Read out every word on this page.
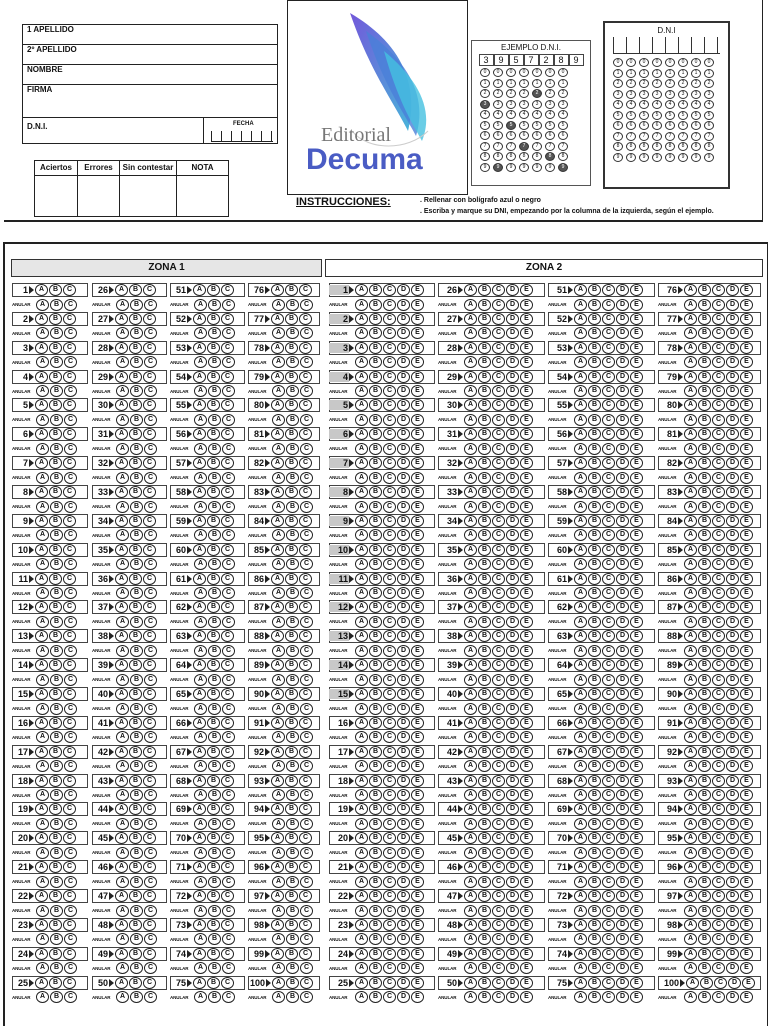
1 APELLIDO
2º APELLIDO
NOMBRE
FIRMA
D.N.I.	FECHA
Aciertos	Errores	Sin contestar	NOTA
Editorial
Decuma
INSTRUCCIONES:	. Rellenar con bolígrafo azul o negro
. Escriba y marque su DNI, empezando por la columna de la izquierda, según el ejemplo.
EJEMPLO D.N.I.
3	9	5	7	2	8	9
0	0	0	0	0	0	0
1	1	1	1	1	1	1
2	2	2	2	2	2	2
3	3	3	3	3	3	3
4	4	4	4	4	4	4
5	5	5	5	5	5	5
6	6	6	6	6	6	6
7	7	7	7	7	7	7
8	8	8	8	8	8	8
9	9	9	9	9	9	9
D.N.I
0	0	0	0	0	0	0	0
1	1	1	1	1	1	1	1
2	2	2	2	2	2	2	2
3	3	3	3	3	3	3	3
4	4	4	4	4	4	4	4
5	5	5	5	5	5	5	5
6	6	6	6	6	6	6	6
7	7	7	7	7	7	7	7
8	8	8	8	8	8	8	8
9	9	9	9	9	9	9	9
ZONA 1	ZONA 2
1	A	B	C
ANULAR	A	B	C
2	A	B	C
ANULAR	A	B	C
3	A	B	C
ANULAR	A	B	C
4	A	B	C
ANULAR	A	B	C
5	A	B	C
ANULAR	A	B	C
6	A	B	C
ANULAR	A	B	C
7	A	B	C
ANULAR	A	B	C
8	A	B	C
ANULAR	A	B	C
9	A	B	C
ANULAR	A	B	C
10	A	B	C
ANULAR	A	B	C
11	A	B	C
ANULAR	A	B	C
12	A	B	C
ANULAR	A	B	C
13	A	B	C
ANULAR	A	B	C
14	A	B	C
ANULAR	A	B	C
15	A	B	C
ANULAR	A	B	C
16	A	B	C
ANULAR	A	B	C
17	A	B	C
ANULAR	A	B	C
18	A	B	C
ANULAR	A	B	C
19	A	B	C
ANULAR	A	B	C
20	A	B	C
ANULAR	A	B	C
21	A	B	C
ANULAR	A	B	C
22	A	B	C
ANULAR	A	B	C
23	A	B	C
ANULAR	A	B	C
24	A	B	C
ANULAR	A	B	C
25	A	B	C
ANULAR	A	B	C
26	A	B	C
ANULAR	A	B	C
27	A	B	C
ANULAR	A	B	C
28	A	B	C
ANULAR	A	B	C
29	A	B	C
ANULAR	A	B	C
30	A	B	C
ANULAR	A	B	C
31	A	B	C
ANULAR	A	B	C
32	A	B	C
ANULAR	A	B	C
33	A	B	C
ANULAR	A	B	C
34	A	B	C
ANULAR	A	B	C
35	A	B	C
ANULAR	A	B	C
36	A	B	C
ANULAR	A	B	C
37	A	B	C
ANULAR	A	B	C
38	A	B	C
ANULAR	A	B	C
39	A	B	C
ANULAR	A	B	C
40	A	B	C
ANULAR	A	B	C
41	A	B	C
ANULAR	A	B	C
42	A	B	C
ANULAR	A	B	C
43	A	B	C
ANULAR	A	B	C
44	A	B	C
ANULAR	A	B	C
45	A	B	C
ANULAR	A	B	C
46	A	B	C
ANULAR	A	B	C
47	A	B	C
ANULAR	A	B	C
48	A	B	C
ANULAR	A	B	C
49	A	B	C
ANULAR	A	B	C
50	A	B	C
ANULAR	A	B	C
51	A	B	C
ANULAR	A	B	C
52	A	B	C
ANULAR	A	B	C
53	A	B	C
ANULAR	A	B	C
54	A	B	C
ANULAR	A	B	C
55	A	B	C
ANULAR	A	B	C
56	A	B	C
ANULAR	A	B	C
57	A	B	C
ANULAR	A	B	C
58	A	B	C
ANULAR	A	B	C
59	A	B	C
ANULAR	A	B	C
60	A	B	C
ANULAR	A	B	C
61	A	B	C
ANULAR	A	B	C
62	A	B	C
ANULAR	A	B	C
63	A	B	C
ANULAR	A	B	C
64	A	B	C
ANULAR	A	B	C
65	A	B	C
ANULAR	A	B	C
66	A	B	C
ANULAR	A	B	C
67	A	B	C
ANULAR	A	B	C
68	A	B	C
ANULAR	A	B	C
69	A	B	C
ANULAR	A	B	C
70	A	B	C
ANULAR	A	B	C
71	A	B	C
ANULAR	A	B	C
72	A	B	C
ANULAR	A	B	C
73	A	B	C
ANULAR	A	B	C
74	A	B	C
ANULAR	A	B	C
75	A	B	C
ANULAR	A	B	C
76	A	B	C
ANULAR	A	B	C
77	A	B	C
ANULAR	A	B	C
78	A	B	C
ANULAR	A	B	C
79	A	B	C
ANULAR	A	B	C
80	A	B	C
ANULAR	A	B	C
81	A	B	C
ANULAR	A	B	C
82	A	B	C
ANULAR	A	B	C
83	A	B	C
ANULAR	A	B	C
84	A	B	C
ANULAR	A	B	C
85	A	B	C
ANULAR	A	B	C
86	A	B	C
ANULAR	A	B	C
87	A	B	C
ANULAR	A	B	C
88	A	B	C
ANULAR	A	B	C
89	A	B	C
ANULAR	A	B	C
90	A	B	C
ANULAR	A	B	C
91	A	B	C
ANULAR	A	B	C
92	A	B	C
ANULAR	A	B	C
93	A	B	C
ANULAR	A	B	C
94	A	B	C
ANULAR	A	B	C
95	A	B	C
ANULAR	A	B	C
96	A	B	C
ANULAR	A	B	C
97	A	B	C
ANULAR	A	B	C
98	A	B	C
ANULAR	A	B	C
99	A	B	C
ANULAR	A	B	C
100	A	B	C
ANULAR	A	B	C
1	A	B	C	D	E
ANULAR	A	B	C	D	E
2	A	B	C	D	E
ANULAR	A	B	C	D	E
3	A	B	C	D	E
ANULAR	A	B	C	D	E
4	A	B	C	D	E
ANULAR	A	B	C	D	E
5	A	B	C	D	E
ANULAR	A	B	C	D	E
6	A	B	C	D	E
ANULAR	A	B	C	D	E
7	A	B	C	D	E
ANULAR	A	B	C	D	E
8	A	B	C	D	E
ANULAR	A	B	C	D	E
9	A	B	C	D	E
ANULAR	A	B	C	D	E
10	A	B	C	D	E
ANULAR	A	B	C	D	E
11	A	B	C	D	E
ANULAR	A	B	C	D	E
12	A	B	C	D	E
ANULAR	A	B	C	D	E
13	A	B	C	D	E
ANULAR	A	B	C	D	E
14	A	B	C	D	E
ANULAR	A	B	C	D	E
15	A	B	C	D	E
ANULAR	A	B	C	D	E
16	A	B	C	D	E
ANULAR	A	B	C	D	E
17	A	B	C	D	E
ANULAR	A	B	C	D	E
18	A	B	C	D	E
ANULAR	A	B	C	D	E
19	A	B	C	D	E
ANULAR	A	B	C	D	E
20	A	B	C	D	E
ANULAR	A	B	C	D	E
21	A	B	C	D	E
ANULAR	A	B	C	D	E
22	A	B	C	D	E
ANULAR	A	B	C	D	E
23	A	B	C	D	E
ANULAR	A	B	C	D	E
24	A	B	C	D	E
ANULAR	A	B	C	D	E
25	A	B	C	D	E
ANULAR	A	B	C	D	E
26	A	B	C	D	E
ANULAR	A	B	C	D	E
27	A	B	C	D	E
ANULAR	A	B	C	D	E
28	A	B	C	D	E
ANULAR	A	B	C	D	E
29	A	B	C	D	E
ANULAR	A	B	C	D	E
30	A	B	C	D	E
ANULAR	A	B	C	D	E
31	A	B	C	D	E
ANULAR	A	B	C	D	E
32	A	B	C	D	E
ANULAR	A	B	C	D	E
33	A	B	C	D	E
ANULAR	A	B	C	D	E
34	A	B	C	D	E
ANULAR	A	B	C	D	E
35	A	B	C	D	E
ANULAR	A	B	C	D	E
36	A	B	C	D	E
ANULAR	A	B	C	D	E
37	A	B	C	D	E
ANULAR	A	B	C	D	E
38	A	B	C	D	E
ANULAR	A	B	C	D	E
39	A	B	C	D	E
ANULAR	A	B	C	D	E
40	A	B	C	D	E
ANULAR	A	B	C	D	E
41	A	B	C	D	E
ANULAR	A	B	C	D	E
42	A	B	C	D	E
ANULAR	A	B	C	D	E
43	A	B	C	D	E
ANULAR	A	B	C	D	E
44	A	B	C	D	E
ANULAR	A	B	C	D	E
45	A	B	C	D	E
ANULAR	A	B	C	D	E
46	A	B	C	D	E
ANULAR	A	B	C	D	E
47	A	B	C	D	E
ANULAR	A	B	C	D	E
48	A	B	C	D	E
ANULAR	A	B	C	D	E
49	A	B	C	D	E
ANULAR	A	B	C	D	E
50	A	B	C	D	E
ANULAR	A	B	C	D	E
51	A	B	C	D	E
ANULAR	A	B	C	D	E
52	A	B	C	D	E
ANULAR	A	B	C	D	E
53	A	B	C	D	E
ANULAR	A	B	C	D	E
54	A	B	C	D	E
ANULAR	A	B	C	D	E
55	A	B	C	D	E
ANULAR	A	B	C	D	E
56	A	B	C	D	E
ANULAR	A	B	C	D	E
57	A	B	C	D	E
ANULAR	A	B	C	D	E
58	A	B	C	D	E
ANULAR	A	B	C	D	E
59	A	B	C	D	E
ANULAR	A	B	C	D	E
60	A	B	C	D	E
ANULAR	A	B	C	D	E
61	A	B	C	D	E
ANULAR	A	B	C	D	E
62	A	B	C	D	E
ANULAR	A	B	C	D	E
63	A	B	C	D	E
ANULAR	A	B	C	D	E
64	A	B	C	D	E
ANULAR	A	B	C	D	E
65	A	B	C	D	E
ANULAR	A	B	C	D	E
66	A	B	C	D	E
ANULAR	A	B	C	D	E
67	A	B	C	D	E
ANULAR	A	B	C	D	E
68	A	B	C	D	E
ANULAR	A	B	C	D	E
69	A	B	C	D	E
ANULAR	A	B	C	D	E
70	A	B	C	D	E
ANULAR	A	B	C	D	E
71	A	B	C	D	E
ANULAR	A	B	C	D	E
72	A	B	C	D	E
ANULAR	A	B	C	D	E
73	A	B	C	D	E
ANULAR	A	B	C	D	E
74	A	B	C	D	E
ANULAR	A	B	C	D	E
75	A	B	C	D	E
ANULAR	A	B	C	D	E
76	A	B	C	D	E
ANULAR	A	B	C	D	E
77	A	B	C	D	E
ANULAR	A	B	C	D	E
78	A	B	C	D	E
ANULAR	A	B	C	D	E
79	A	B	C	D	E
ANULAR	A	B	C	D	E
80	A	B	C	D	E
ANULAR	A	B	C	D	E
81	A	B	C	D	E
ANULAR	A	B	C	D	E
82	A	B	C	D	E
ANULAR	A	B	C	D	E
83	A	B	C	D	E
ANULAR	A	B	C	D	E
84	A	B	C	D	E
ANULAR	A	B	C	D	E
85	A	B	C	D	E
ANULAR	A	B	C	D	E
86	A	B	C	D	E
ANULAR	A	B	C	D	E
87	A	B	C	D	E
ANULAR	A	B	C	D	E
88	A	B	C	D	E
ANULAR	A	B	C	D	E
89	A	B	C	D	E
ANULAR	A	B	C	D	E
90	A	B	C	D	E
ANULAR	A	B	C	D	E
91	A	B	C	D	E
ANULAR	A	B	C	D	E
92	A	B	C	D	E
ANULAR	A	B	C	D	E
93	A	B	C	D	E
ANULAR	A	B	C	D	E
94	A	B	C	D	E
ANULAR	A	B	C	D	E
95	A	B	C	D	E
ANULAR	A	B	C	D	E
96	A	B	C	D	E
ANULAR	A	B	C	D	E
97	A	B	C	D	E
ANULAR	A	B	C	D	E
98	A	B	C	D	E
ANULAR	A	B	C	D	E
99	A	B	C	D	E
ANULAR	A	B	C	D	E
100	A	B	C	D	E
ANULAR	A	B	C	D	E
